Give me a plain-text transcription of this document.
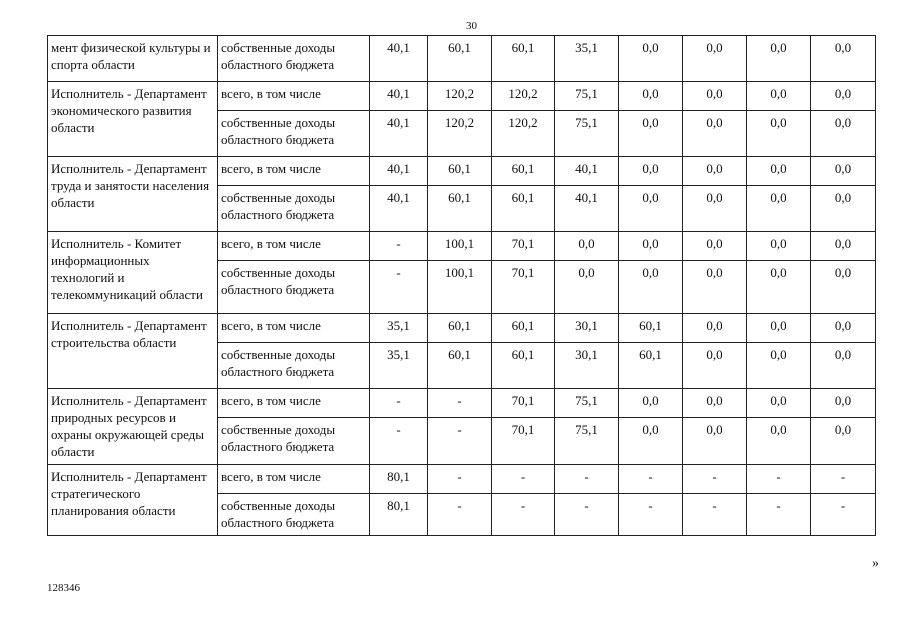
30
мент физической культуры и спорта области	собственные доходы
областного бюджета	40,1	60,1	60,1	35,1	0,0	0,0	0,0	0,0
Исполнитель - Департамент экономического развития области	всего, в том числе	40,1	120,2	120,2	75,1	0,0	0,0	0,0	0,0
	собственные доходы
областного бюджета	40,1	120,2	120,2	75,1	0,0	0,0	0,0	0,0
Исполнитель - Департамент труда и занятости населения области	всего, в том числе	40,1	60,1	60,1	40,1	0,0	0,0	0,0	0,0
	собственные доходы
областного бюджета	40,1	60,1	60,1	40,1	0,0	0,0	0,0	0,0
Исполнитель - Комитет информационных технологий и телекоммуникаций области	всего, в том числе	-	100,1	70,1	0,0	0,0	0,0	0,0	0,0
	собственные доходы
областного бюджета	-	100,1	70,1	0,0	0,0	0,0	0,0	0,0
Исполнитель - Департамент строительства области	всего, в том числе	35,1	60,1	60,1	30,1	60,1	0,0	0,0	0,0
	собственные доходы
областного бюджета	35,1	60,1	60,1	30,1	60,1	0,0	0,0	0,0
Исполнитель - Департамент природных ресурсов и охраны окружающей среды области	всего, в том числе	-	-	70,1	75,1	0,0	0,0	0,0	0,0
	собственные доходы
областного бюджета	-	-	70,1	75,1	0,0	0,0	0,0	0,0
Исполнитель - Департамент стратегического планирования области	всего, в том числе	80,1	-	-	-	-	-	-	-
	собственные доходы
областного бюджета	80,1	-	-	-	-	-	-	-
»
128346
